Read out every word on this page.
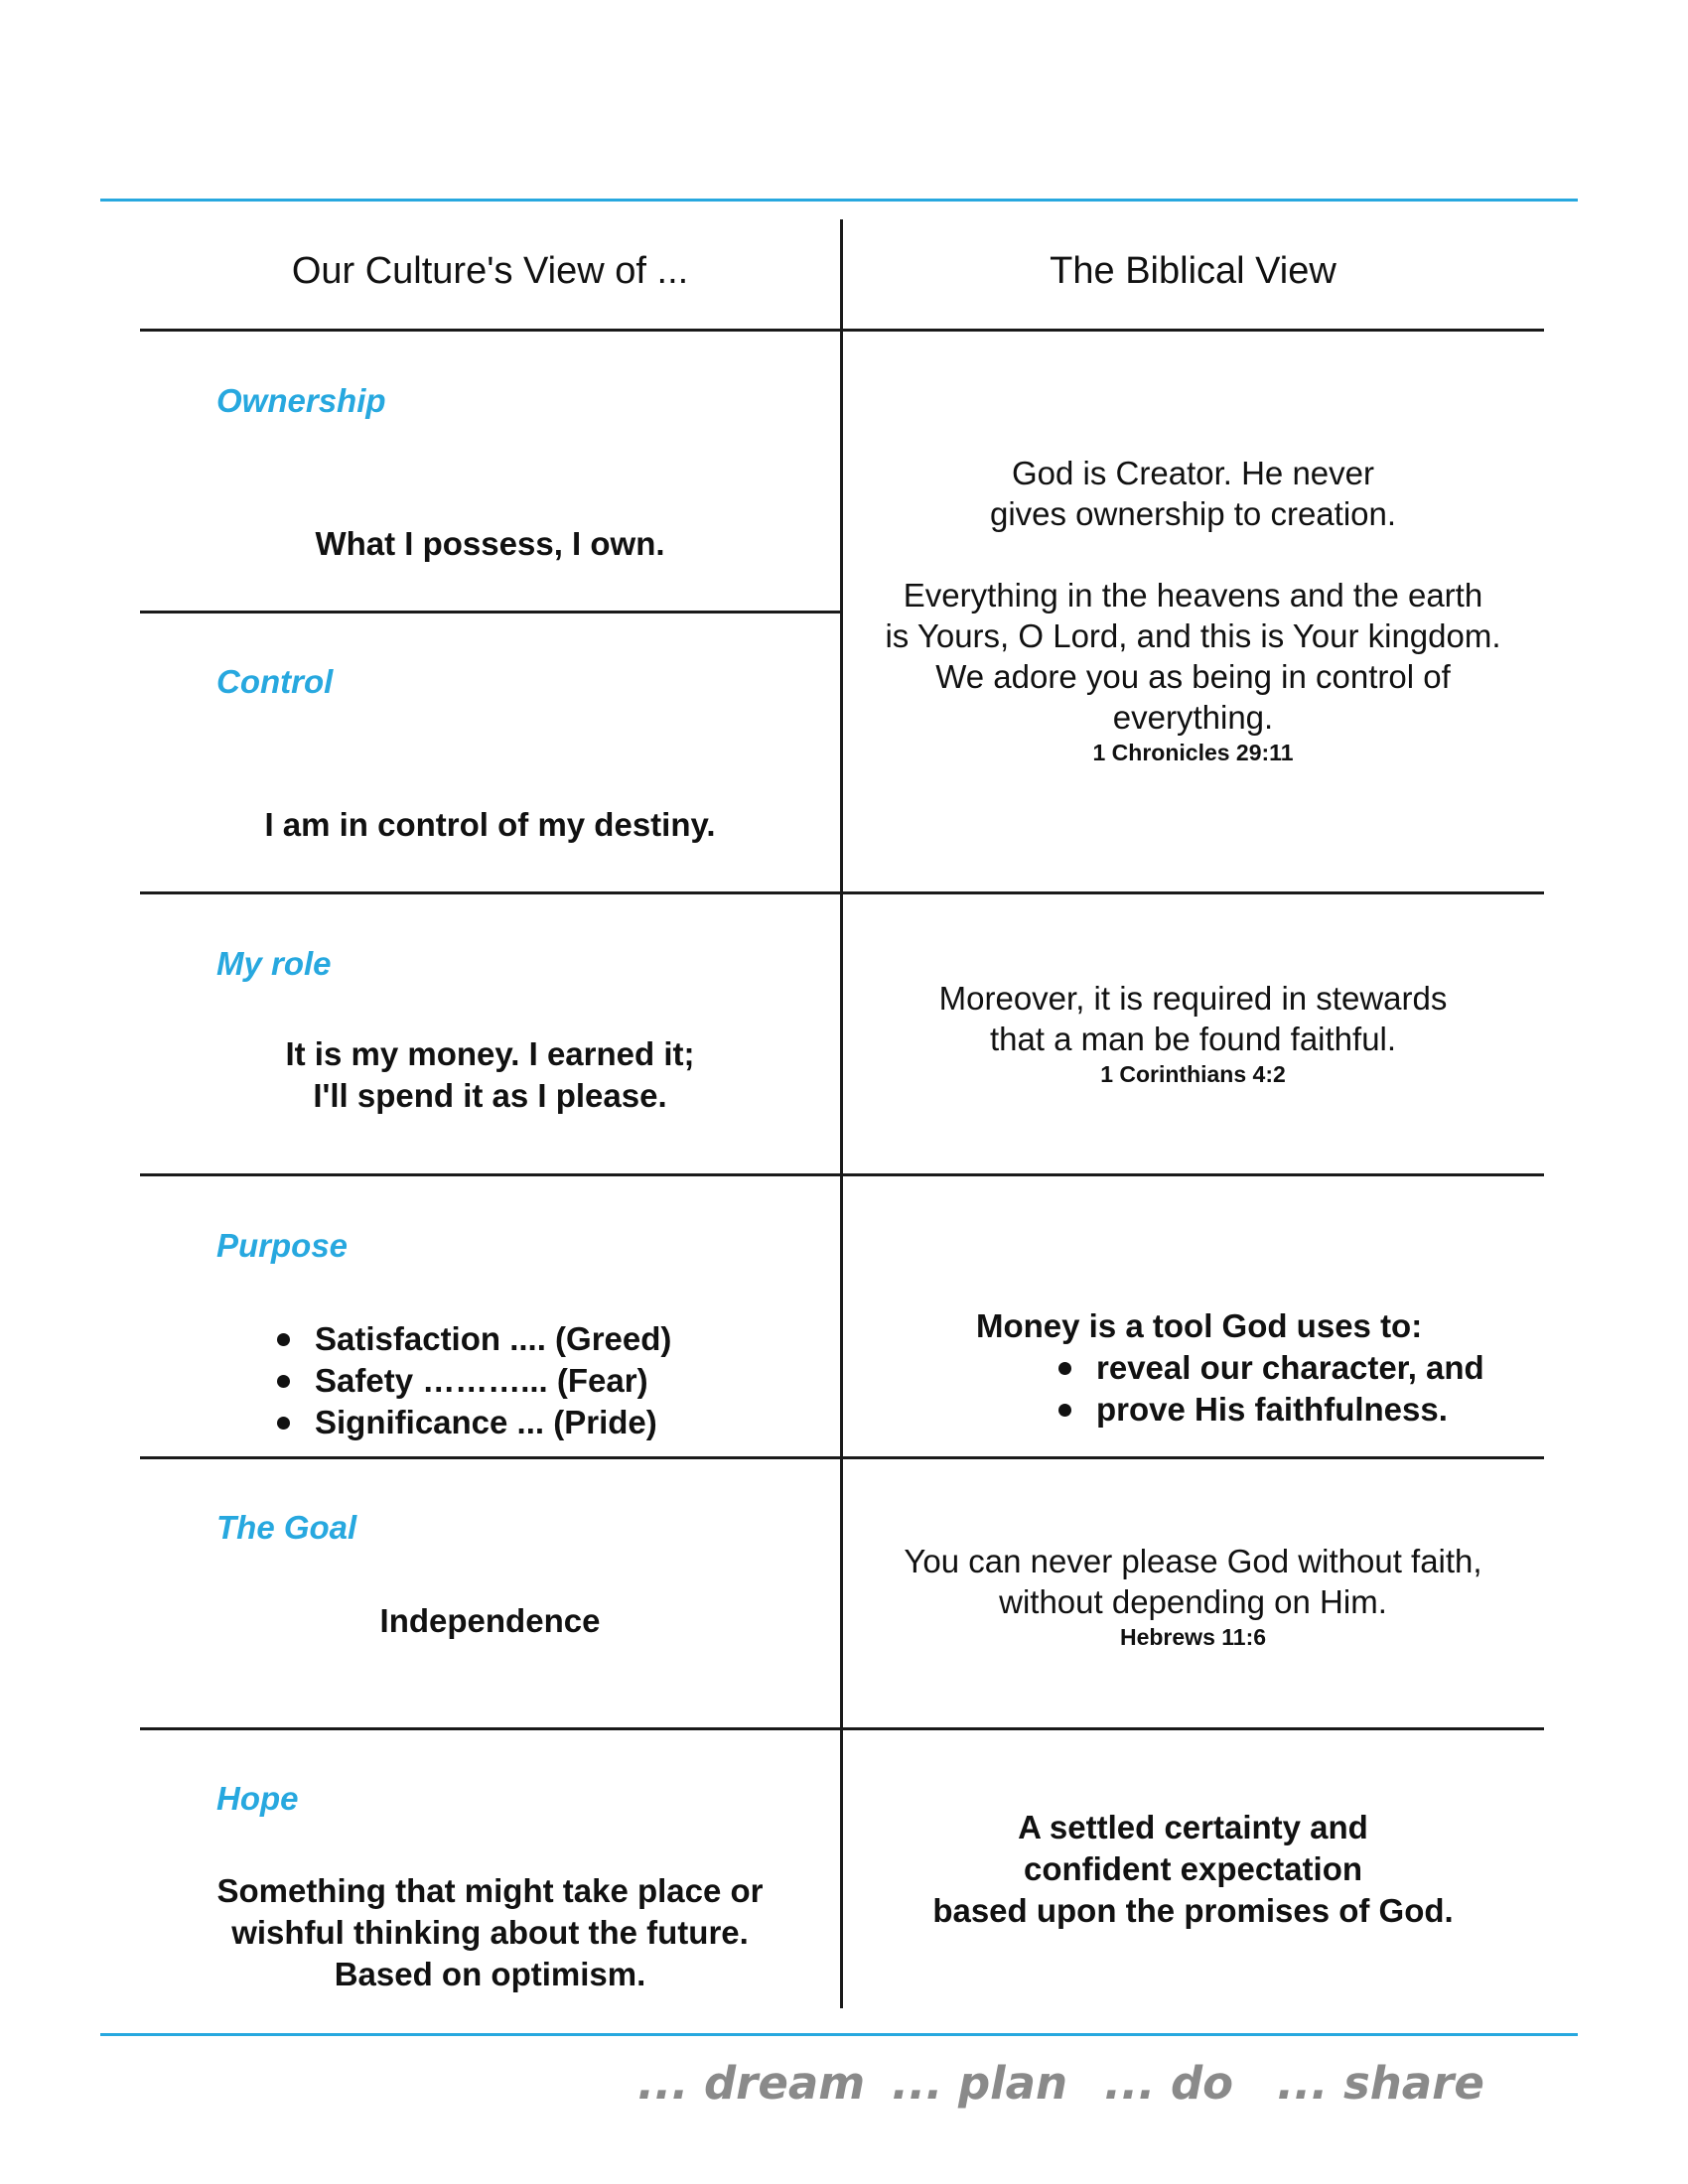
Our Culture's View of ...	The Biblical View
Ownership
What I possess, I own.
Control
I am in control of my destiny.
God is Creator. He never
gives ownership to creation.
Everything in the heavens and the earth
is Yours, O Lord, and this is Your kingdom.
We adore you as being in control of
everything.
1 Chronicles 29:11
My role
It is my money. I earned it;
I'll spend it as I please.
Moreover, it is required in stewards
that a man be found faithful.
1 Corinthians 4:2
Purpose
Satisfaction .... (Greed)
Safety ………... (Fear)
Significance ... (Pride)
Money is a tool God uses to:
reveal our character, and
prove His faithfulness.
The Goal
Independence
You can never please God without faith,
without depending on Him.
Hebrews 11:6
Hope
Something that might take place or
wishful thinking about the future.
Based on optimism.
A settled certainty and
confident expectation
based upon the promises of God.
... dream ... plan ... do ... share
